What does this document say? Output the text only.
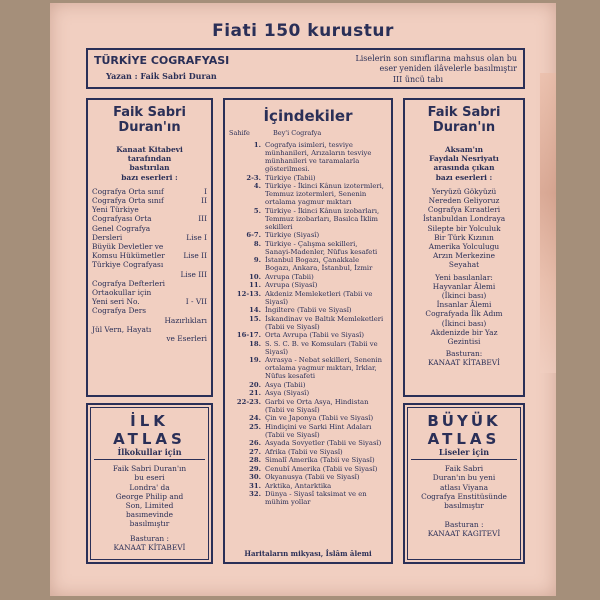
Fiati 150 kurustur
TÜRKİYE COGRAFYASI
Yazan : Faik Sabri Duran
Liselerin son sınıflarına mahsus olan bu
eser yeniden ilâvelerle basılmıştır
III üncü tabı
Faik Sabri
Duran'ın
Kanaat Kitabevi
tarafından
bastırılan
bazı eserleri :
Cografya Orta sınıf	I
Cografya Orta sınıf	II
Yeni Türkiye
Cografyası Orta	III
Genel Cografya
Dersleri	Lise I
Büyük Devletler ve
Komsu Hükümetler	Lise II
Türkiye Cografyası
Lise III
Cografya Defterleri
Ortaokullar için
Yeni seri No.	I - VII
Cografya Ders
Hazırlıkları
Jül Vern, Hayatı
ve Eserleri
İLK
ATLAS
İlkokullar için
Faik Sabri Duran'ın
bu eseri
Londra' da
George Philip and
Son, Limited
basımevinde
basılmıştır
Basturan :
KANAAT KİTABEVİ
İçindekiler
Sahife	Bey'i Cografya
1. Cografya isimleri, tesviye münhanileri, Arızaların tesviye münhanileri ve taramalarla gösterilmesi.
2-3. Türkiye (Tabii)
4. Türkiye - İkinci Kânun izotermleri, Temmuz izotermleri, Senenin ortalama yagmur mıktarı
5. Türkiye - İkinci Kânun izobarları, Temmuz izobarları, Basılca İklim sekilleri
6-7. Türkiye (Siyasî)
8. Türkiye - Çalışma sekilleri, Sanayi-Madenler, Nüfus kesafeti
9. İstanbul Bogazı, Çanakkale Bogazı, Ankara, İstanbul, İzmir
10. Avrupa (Tabii)
11. Avrupa (Siyasî)
12-13. Akdeniz Memleketleri (Tabii ve Siyasî)
14. İngiltere (Tabii ve Siyasî)
15. İskandinav ve Baltık Memleketleri (Tabii ve Siyasî)
16-17. Orta Avrupa (Tabii ve Siyasî)
18. S. S. C. B. ve Komsuları (Tabii ve Siyasî)
19. Avrasya - Nebat sekilleri, Senenin ortalama yagmur mıktarı, Irklar, Nüfus kesafeti
20. Asya (Tabii)
21. Asya (Siyasî)
22-23. Garbi ve Orta Asya, Hindistan (Tabii ve Siyasî)
24. Çin ve Japonya (Tabii ve Siyasî)
25. Hindiçini ve Sarki Hint Adaları (Tabii ve Siyasî)
26. Asyada Sovyetler (Tabii ve Siyasî)
27. Afrika (Tabii ve Siyasî)
28. Simalî Amerika (Tabii ve Siyasî)
29. Cenubî Amerika (Tabii ve Siyasî)
30. Okyanusya (Tabii ve Siyasî)
31. Arktika, Antarktika
32. Dünya - Siyasî taksimat ve en mühim yollar
Haritaların mikyası, İslâm âlemi
Faik Sabri
Duran'ın
Aksam'ın
Faydalı Nesriyatı
arasında çıkan
bazı eserleri :
Yeryüzü Gökyüzü
Nereden Geliyoruz
Cografya Kıraatleri
İstanbuldan Londraya
Silepte bir Yolculuk
Bir Türk Kızının
Amerika Yolculugu
Arzın Merkezine
Seyahat
Yeni basılanlar:
Hayvanlar Âlemi
(İkinci bası)
İnsanlar Âlemi
Cografyada İlk Adım
(İkinci bası)
Akdenizde bir Yaz
Gezintisi
Basturan:
KANAAT KİTABEVİ
BÜYÜK
ATLAS
Liseler için
Faik Sabri
Duran'ın bu yeni
atlası Viyana
Cografya Enstitüsünde
basılmıştır
Basturan :
KANAAT KAGITEVİ
